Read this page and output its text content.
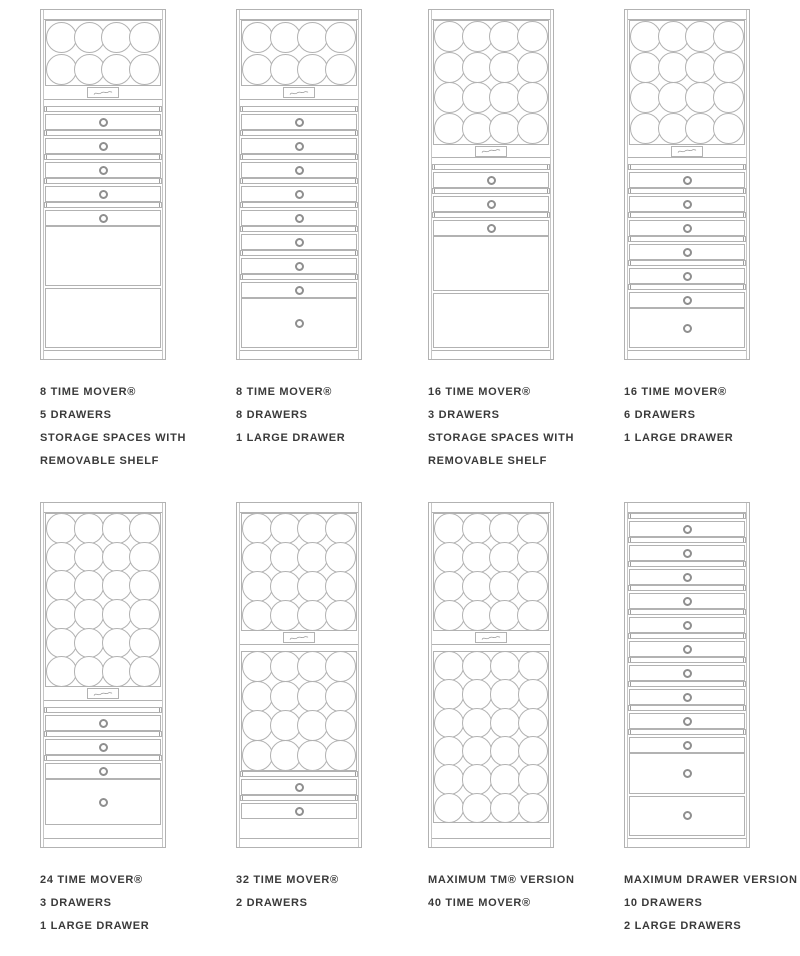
8 TIME MOVER®
5 DRAWERS
STORAGE SPACES WITH
REMOVABLE SHELF
8 TIME MOVER®
8 DRAWERS
1 LARGE DRAWER
16 TIME MOVER®
3 DRAWERS
STORAGE SPACES WITH
REMOVABLE SHELF
16 TIME MOVER®
6 DRAWERS
1 LARGE DRAWER
24 TIME MOVER®
3 DRAWERS
1 LARGE DRAWER
32 TIME MOVER®
2 DRAWERS
MAXIMUM TM® VERSION
40 TIME MOVER®
MAXIMUM DRAWER VERSION
10 DRAWERS
2 LARGE DRAWERS
